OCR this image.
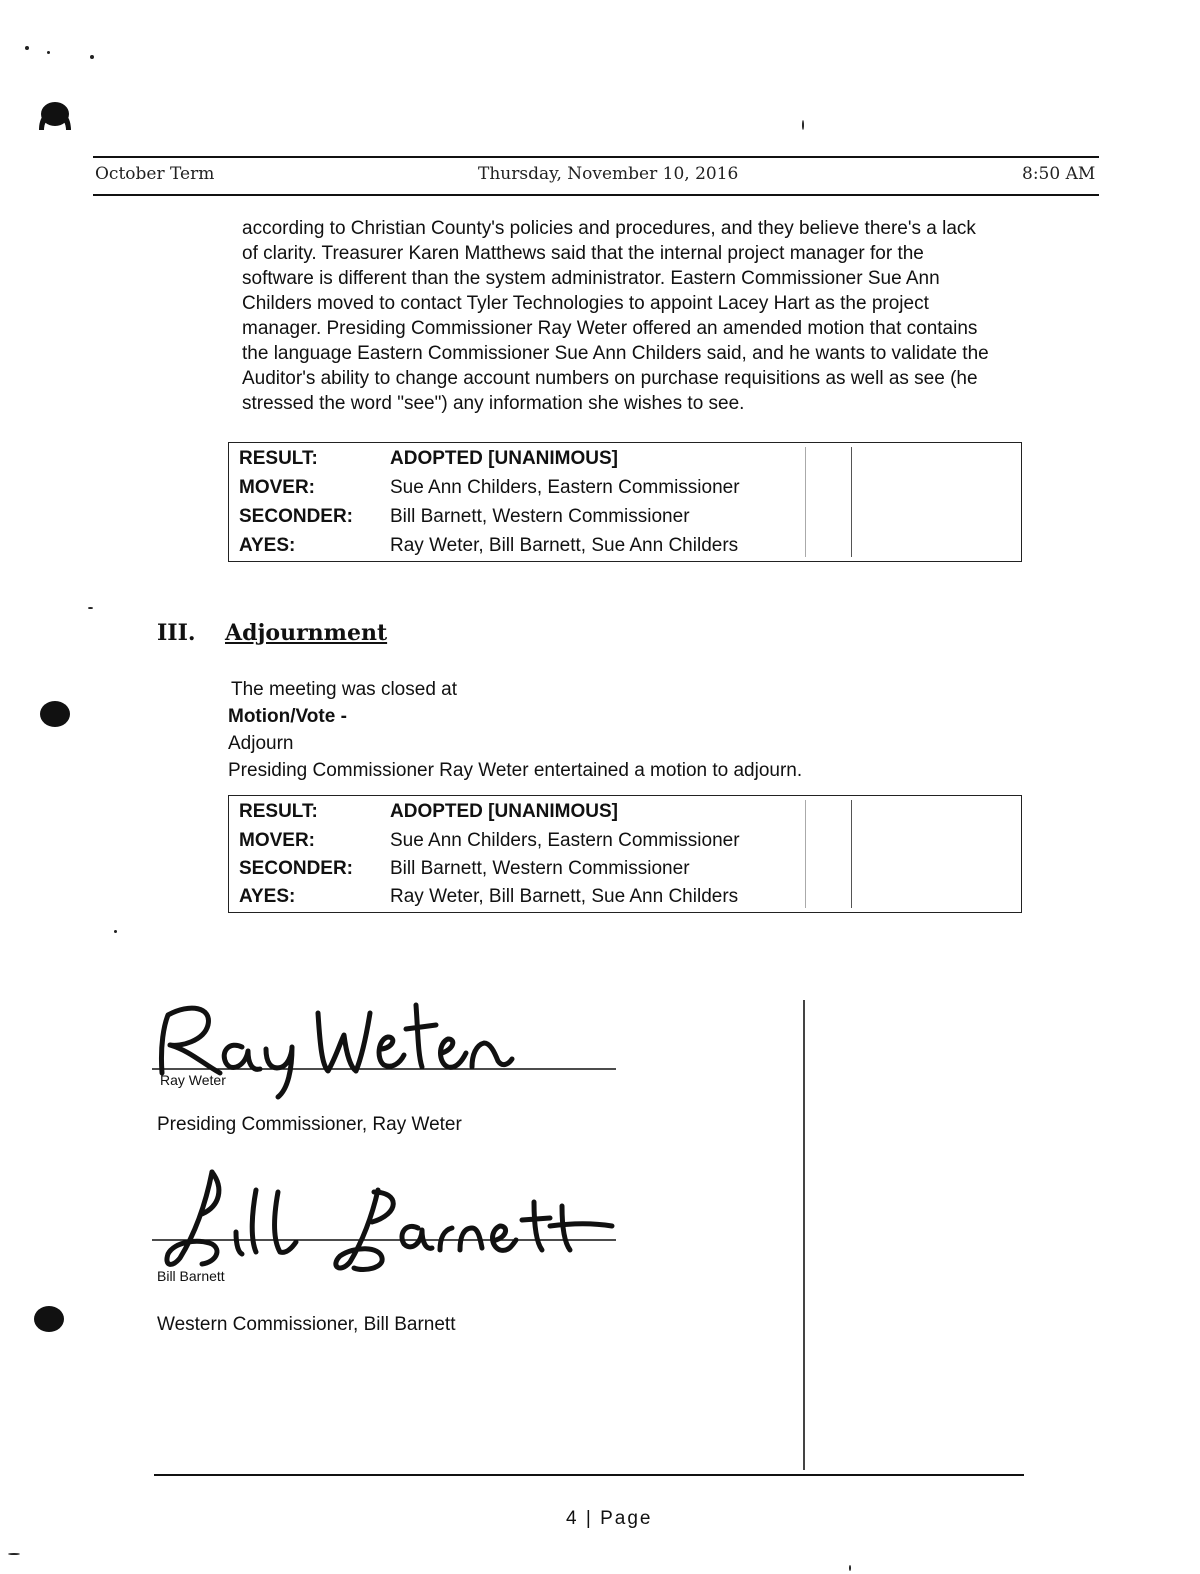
October Term	Thursday, November 10, 2016	8:50 AM

according to Christian County's policies and procedures, and they believe there's a lack

of clarity. Treasurer Karen Matthews said that the internal project manager for the

software is different than the system administrator. Eastern Commissioner Sue Ann

Childers moved to contact Tyler Technologies to appoint Lacey Hart as the project

manager. Presiding Commissioner Ray Weter offered an amended motion that contains

the language Eastern Commissioner Sue Ann Childers said, and he wants to validate the

Auditor's ability to change account numbers on purchase requisitions as well as see (he

stressed the word "see") any information she wishes to see.

RESULT:	ADOPTED [UNANIMOUS]
MOVER:	Sue Ann Childers, Eastern Commissioner
SECONDER: Bill Barnett, Western Commissioner
AYES:	Ray Weter, Bill Barnett, Sue Ann Childers
III. Adjournment
The meeting was closed at
Motion/Vote -
Adjourn
Presiding Commissioner Ray Weter entertained a motion to adjourn.
RESULT:	ADOPTED [UNANIMOUS]
MOVER:	Sue Ann Childers, Eastern Commissioner
SECONDER: Bill Barnett, Western Commissioner
AYES:	Ray Weter, Bill Barnett, Sue Ann Childers
Ray Weter
Presiding Commissioner, Ray Weter
Bill Barnett
Western Commissioner, Bill Barnett
4 | Page
